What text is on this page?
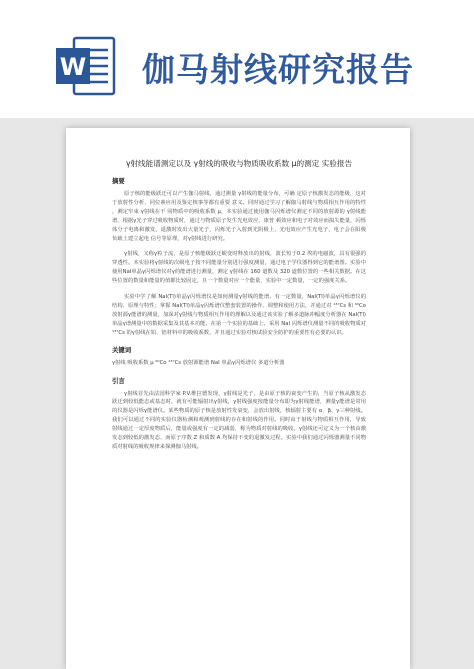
W 伽马射线研究报告
γ射线能谱测定以及 γ射线的吸收与物质吸收系数 μ的测定 实验报告
摘要

原子核的能级跃迁可以产生伽马射线，通过测量 γ射线的能量分布，可确 定原子核激发态的能级，这对于放射性分析、同位素应用及鉴定核事等都有重要 意义。同时通过学习了解伽马射线与物质相互作用的特性 ，测定窄束 γ射线在不 同物质中的吸收系数 μ，本实验通过使用伽马闪烁谱仪测定不同的放射源的 γ射线能谱，根据γ光子穿过吸收物质时，通过与物质原子发生光电效应、康普 顿效应和电子对效应而损失能量，闪烁体分子电离和激发，退激时发出大量光子，闪烁光子入射到光阴极上，光电效应产生光电子，电子会在阳极负载上建立起电 信号等原理，对γ射线进行研究。

γ射线，又称γ粒子流，是原子核能级跃迁蜕变时释放出的射线，波长短于0.2 埃的电磁波，具有很强的穿透性。本实验将γ射线的次级电子按不同能量分别进行强度测量，通过电子学仪器得到它的能谱图。实验中使用NaI单晶γ闪烁谱仪对γ的能谱进行测量，测定 γ射线在 160 道数及 320 道数位置的一些相关数据。在这些位置的数量和能量的值都比较固定，且一个数量对应一个能量，实验中一定数量，一定的强度关系。

实验中学了解 NaI(Tl)单晶γ闪烁谱仪是如何测量γ射线的能谱，有一定数量，NaI(Tl)单晶γ闪烁谱仪的结构、原理与特性；掌握 NaI(Tl)单晶γ闪烁谱仪整套装置的操作、调整和使用方法，并通过对 ¹³⁷Cs 和 ⁶⁰Co 放射源γ能谱的测量，加深对γ射线与物质相互作用的理解以及通过该实验了解多道脉冲幅度分析器在 NaI(Tl)单晶γ谱测量中的数据采集及其基本功能。在第一个实验的基础上，采用 NaI 闪烁谱仪测量不同的吸收物质对 ¹³⁷Cs 的γ射线在铅、铝材料中的吸收系数，并且通过实验对核试验安全防护的重要性有必要的认识。

关键词
γ射线 吸收系数 μ ⁶⁰Co ¹³⁷Cs 放射源能谱 NaI 单晶γ闪烁谱仪 多道分析器
引言

γ射线首先由法国科学家 P.V.维拉德发现，γ射线是光子，是由原子核的衰变产生的，当原子核从激发态跃迁到较低能态或基态时，就有可能辐射出γ射线，γ射线强度按能量分布即为γ射线能谱，测量γ能谱是常用的仪器是闪烁γ能谱仪。某些物质的原子核是放射性发衰变，会放出射线，核辐射主要有 α、β、γ三种射线。我们可以通过不同的实验仪器检测和观测到射线的存在和射线的作用。同时由于射线与物质相互作用，导致射线通过一定厚度物质后，能量或强度有一定的减弱，称为物质对射线的吸收。γ射线还可定义为一个核由激发态到较低的激发态、而原子序数 Z 和质数 A 均保持不变的退激发过程。实验中我们通过闪烁器测量不同物质对射线的吸收规律来探测伽马射线。
